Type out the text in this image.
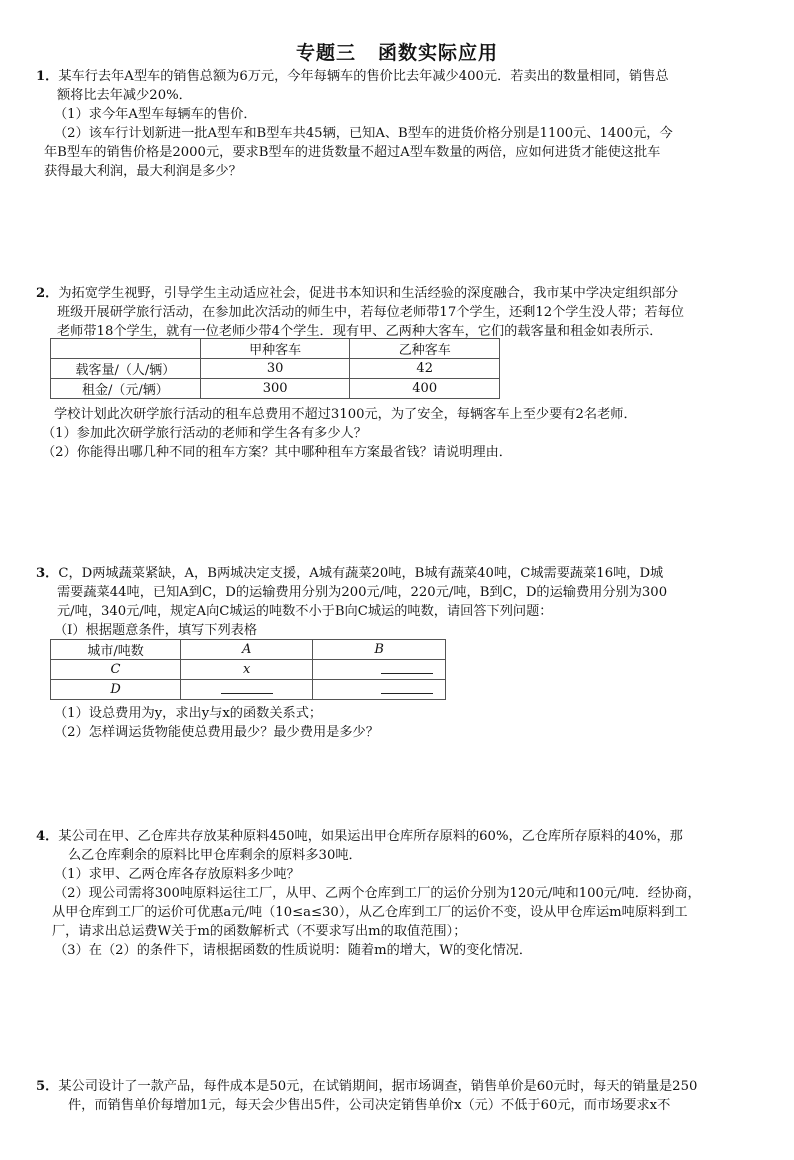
专题三 函数实际应用
1．某车行去年A型车的销售总额为6万元，今年每辆车的售价比去年减少400元．若卖出的数量相同，销售总
额将比去年减少20%．
（1）求今年A型车每辆车的售价．
（2）该车行计划新进一批A型车和B型车共45辆，已知A、B型车的进货价格分别是1100元、1400元，今
年B型车的销售价格是2000元，要求B型车的进货数量不超过A型车数量的两倍，应如何进货才能使这批车
获得最大利润，最大利润是多少？
2．为拓宽学生视野，引导学生主动适应社会，促进书本知识和生活经验的深度融合，我市某中学决定组织部分
班级开展研学旅行活动，在参加此次活动的师生中，若每位老师带17个学生，还剩12个学生没人带；若每位
老师带18个学生，就有一位老师少带4个学生．现有甲、乙两种大客车，它们的载客量和租金如表所示．
	甲种客车	乙种客车
载客量/（人/辆）	30	42
租金/（元/辆）	300	400
学校计划此次研学旅行活动的租车总费用不超过3100元，为了安全，每辆客车上至少要有2名老师．
（1）参加此次研学旅行活动的老师和学生各有多少人？
（2）你能得出哪几种不同的租车方案？其中哪种租车方案最省钱？请说明理由．
3．C，D两城蔬菜紧缺，A，B两城决定支援，A城有蔬菜20吨，B城有蔬菜40吨，C城需要蔬菜16吨，D城
需要蔬菜44吨，已知A到C，D的运输费用分别为200元/吨，220元/吨，B到C，D的运输费用分别为300
元/吨，340元/吨，规定A向C城运的吨数不小于B向C城运的吨数，请回答下列问题：
（Ⅰ）根据题意条件，填写下列表格
城市/吨数	A	B
C	x	
D		
（1）设总费用为y，求出y与x的函数关系式；
（2）怎样调运货物能使总费用最少？最少费用是多少？
4．某公司在甲、乙仓库共存放某种原料450吨，如果运出甲仓库所存原料的60%，乙仓库所存原料的40%，那
么乙仓库剩余的原料比甲仓库剩余的原料多30吨．
（1）求甲、乙两仓库各存放原料多少吨？
（2）现公司需将300吨原料运往工厂，从甲、乙两个仓库到工厂的运价分别为120元/吨和100元/吨．经协商，
从甲仓库到工厂的运价可优惠a元/吨（10≤a≤30），从乙仓库到工厂的运价不变，设从甲仓库运m吨原料到工
厂，请求出总运费W关于m的函数解析式（不要求写出m的取值范围）；
（3）在（2）的条件下，请根据函数的性质说明：随着m的增大，W的变化情况．
5．某公司设计了一款产品，每件成本是50元，在试销期间，据市场调查，销售单价是60元时，每天的销量是250
件，而销售单价每增加1元，每天会少售出5件，公司决定销售单价x（元）不低于60元，而市场要求x不
